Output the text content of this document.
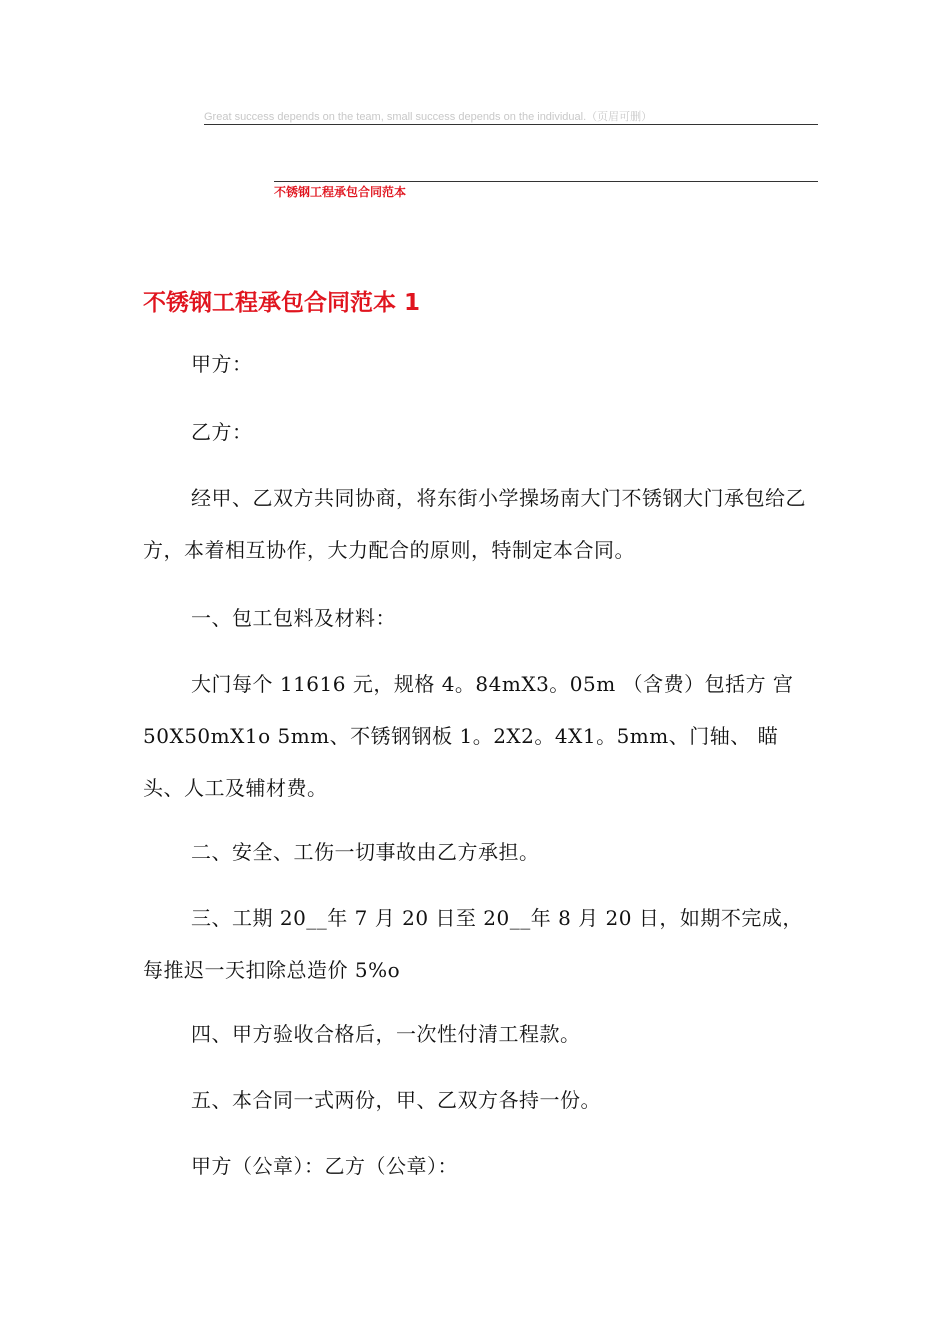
Great success depends on the team, small success depends on the individual.（页眉可删）
不锈钢工程承包合同范本
不锈钢工程承包合同范本 1

甲方：

乙方：

经甲、乙双方共同协商，将东街小学操场南大门不锈钢大门承包给乙方，本着相互协作，大力配合的原则，特制定本合同。

一、包工包料及材料：

大门每个 11616 元，规格 4。84mX3。05m （含费）包括方 宫 50X50mX1o 5mm、不锈钢钢板 1。2X2。4X1。5mm、门轴、 瞄头、人工及辅材费。

二、安全、工伤一切事故由乙方承担。

三、工期 20__年 7 月 20 日至 20__年 8 月 20 日，如期不完成，每推迟一天扣除总造价 5%o

四、甲方验收合格后，一次性付清工程款。

五、本合同一式两份，甲、乙双方各持一份。

甲方（公章）：乙方（公章）：
